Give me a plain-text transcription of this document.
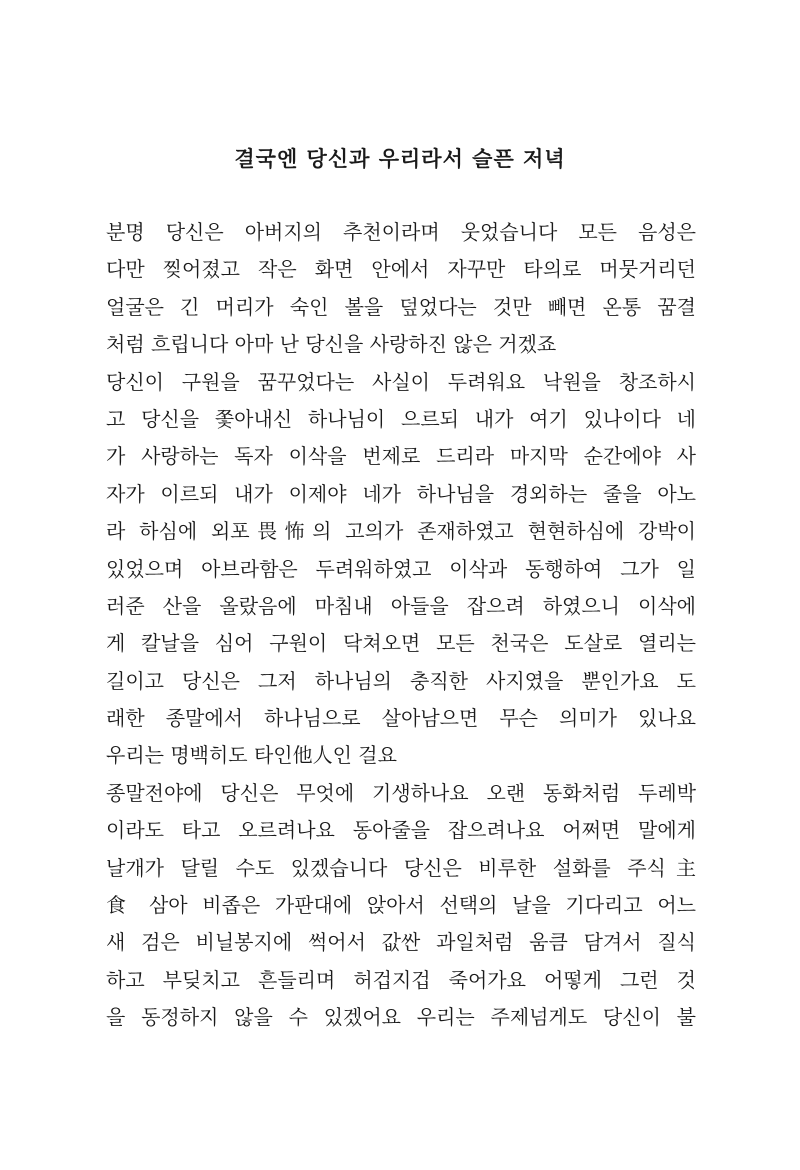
결국엔 당신과 우리라서 슬픈 저녁
분명 당신은 아버지의 추천이라며 웃었습니다 모든 음성은
다만 찢어졌고 작은 화면 안에서 자꾸만 타의로 머뭇거리던
얼굴은 긴 머리가 숙인 볼을 덮었다는 것만 빼면 온통 꿈결
처럼 흐립니다 아마 난 당신을 사랑하진 않은 거겠죠
당신이 구원을 꿈꾸었다는 사실이 두려워요 낙원을 창조하시
고 당신을 쫓아내신 하나님이 으르되 내가 여기 있나이다 네
가 사랑하는 독자 이삭을 번제로 드리라 마지막 순간에야 사
자가 이르되 내가 이제야 네가 하나님을 경외하는 줄을 아노
라 하심에 외포畏怖의 고의가 존재하였고 현현하심에 강박이
있었으며 아브라함은 두려워하였고 이삭과 동행하여 그가 일
러준 산을 올랐음에 마침내 아들을 잡으려 하였으니 이삭에
게 칼날을 심어 구원이 닥쳐오면 모든 천국은 도살로 열리는
길이고 당신은 그저 하나님의 충직한 사지였을 뿐인가요 도
래한 종말에서 하나님으로 살아남으면 무슨 의미가 있나요
우리는 명백히도 타인他人인 걸요
종말전야에 당신은 무엇에 기생하나요 오랜 동화처럼 두레박
이라도 타고 오르려나요 동아줄을 잡으려나요 어쩌면 말에게
날개가 달릴 수도 있겠습니다 당신은 비루한 설화를 주식主
食 삼아 비좁은 가판대에 앉아서 선택의 날을 기다리고 어느
새 검은 비닐봉지에 썩어서 값싼 과일처럼 움큼 담겨서 질식
하고 부딪치고 흔들리며 허겁지겁 죽어가요 어떻게 그런 것
을 동정하지 않을 수 있겠어요 우리는 주제넘게도 당신이 불
